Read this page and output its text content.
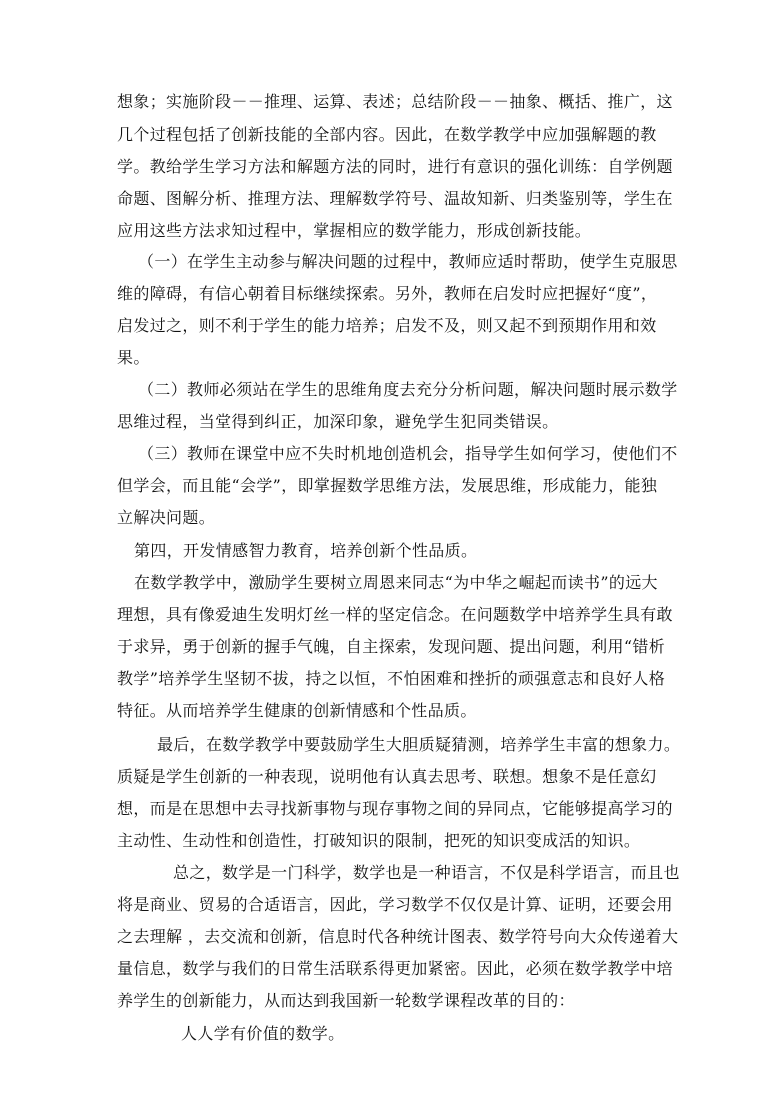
想象；实施阶段－－推理、运算、表述；总结阶段－－抽象、概括、推广，这
几个过程包括了创新技能的全部内容。因此，在数学教学中应加强解题的教
学。教给学生学习方法和解题方法的同时，进行有意识的强化训练：自学例题
命题、图解分析、推理方法、理解数学符号、温故知新、归类鉴别等，学生在
应用这些方法求知过程中，掌握相应的数学能力，形成创新技能。
（一）在学生主动参与解决问题的过程中，教师应适时帮助，使学生克服思
维的障碍，有信心朝着目标继续探索。另外，教师在启发时应把握好“度”，
启发过之，则不利于学生的能力培养；启发不及，则又起不到预期作用和效
果。
（二）教师必须站在学生的思维角度去充分分析问题，解决问题时展示数学
思维过程，当堂得到纠正，加深印象，避免学生犯同类错误。
（三）教师在课堂中应不失时机地创造机会，指导学生如何学习，使他们不
但学会，而且能“会学”，即掌握数学思维方法，发展思维，形成能力，能独
立解决问题。
第四，开发情感智力教育，培养创新个性品质。
在数学教学中，激励学生要树立周恩来同志“为中华之崛起而读书”的远大
理想，具有像爱迪生发明灯丝一样的坚定信念。在问题数学中培养学生具有敢
于求异，勇于创新的握手气魄，自主探索，发现问题、提出问题，利用“错析
教学”培养学生坚韧不拔，持之以恒，不怕困难和挫折的顽强意志和良好人格
特征。从而培养学生健康的创新情感和个性品质。
最后，在数学教学中要鼓励学生大胆质疑猜测，培养学生丰富的想象力。
质疑是学生创新的一种表现，说明他有认真去思考、联想。想象不是任意幻
想，而是在思想中去寻找新事物与现存事物之间的异同点，它能够提高学习的
主动性、生动性和创造性，打破知识的限制，把死的知识变成活的知识。
总之，数学是一门科学，数学也是一种语言，不仅是科学语言，而且也
将是商业、贸易的合适语言，因此，学习数学不仅仅是计算、证明，还要会用
之去理解 ，去交流和创新，信息时代各种统计图表、数学符号向大众传递着大
量信息，数学与我们的日常生活联系得更加紧密。因此，必须在数学教学中培
养学生的创新能力，从而达到我国新一轮数学课程改革的目的：
人人学有价值的数学。
